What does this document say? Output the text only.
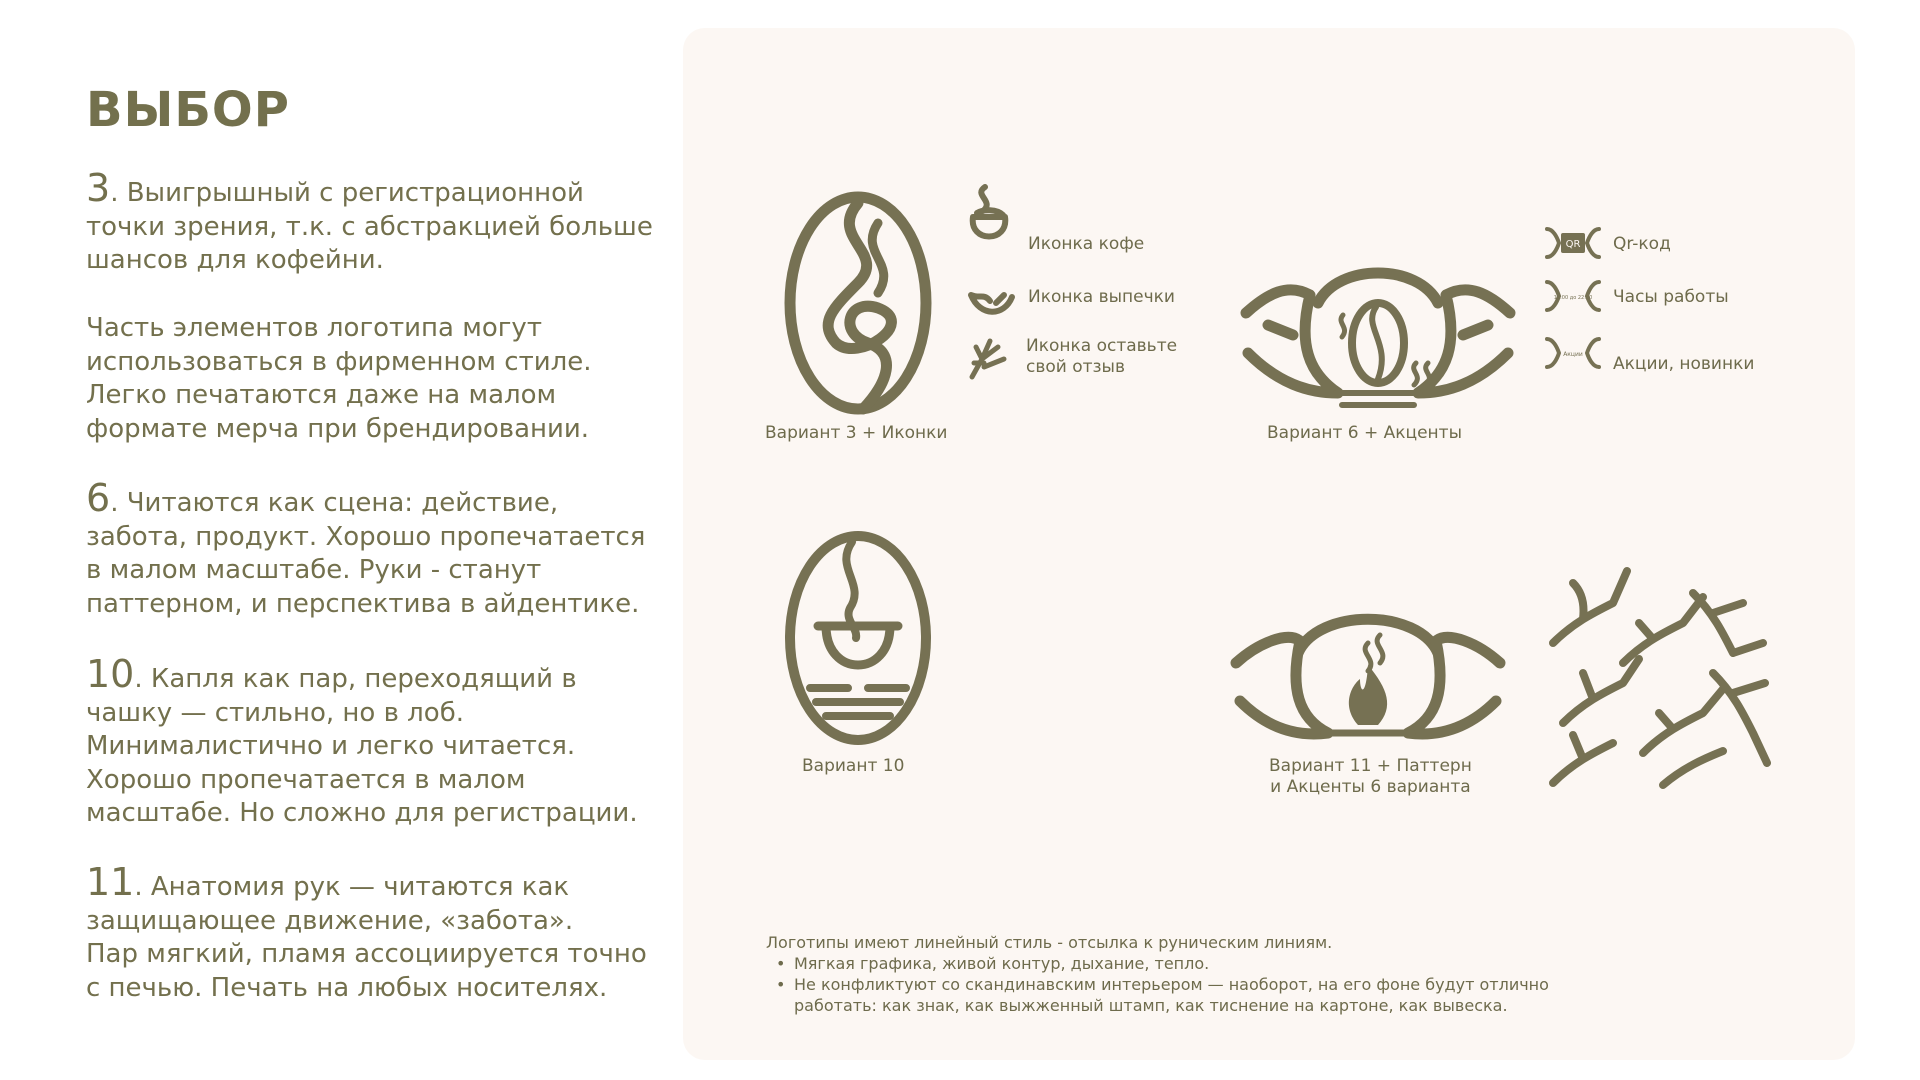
ВЫБОР
3. Выигрышный с регистрационной
точки зрения, т.к. с абстракцией больше
шансов для кофейни.
Часть элементов логотипа могут
использоваться в фирменном стиле.
Легко печатаются даже на малом
формате мерча при брендировании.
6. Читаются как сцена: действие,
забота, продукт. Хорошо пропечатается
в малом масштабе. Руки - станут
паттерном, и перспектива в айдентике.
10. Капля как пар, переходящий в
чашку — стильно, но в лоб.
Минималистично и легко читается.
Хорошо пропечатается в малом
масштабе. Но сложно для регистрации.
11. Анатомия рук — читаются как
защищающее движение, «забота».
Пар мягкий, пламя ассоциируется точно
с печью. Печать на любых носителях.
Иконка кофе
Иконка выпечки
Иконка оставьте
свой отзыв
Вариант 3 + Иконки
QR Qr-код
11:00 до 22:00 Часы работы
Акции Акции, новинки
Вариант 6 + Акценты
Вариант 10	Вариант 11 + Паттерн
и Акценты 6 варианта
Логотипы имеют линейный стиль - отсылка к руническим линиям.
• Мягкая графика, живой контур, дыхание, тепло.
• Не конфликтуют со скандинавским интерьером — наоборот, на его фоне будут отлично
работать: как знак, как выжженный штамп, как тиснение на картоне, как вывеска.
